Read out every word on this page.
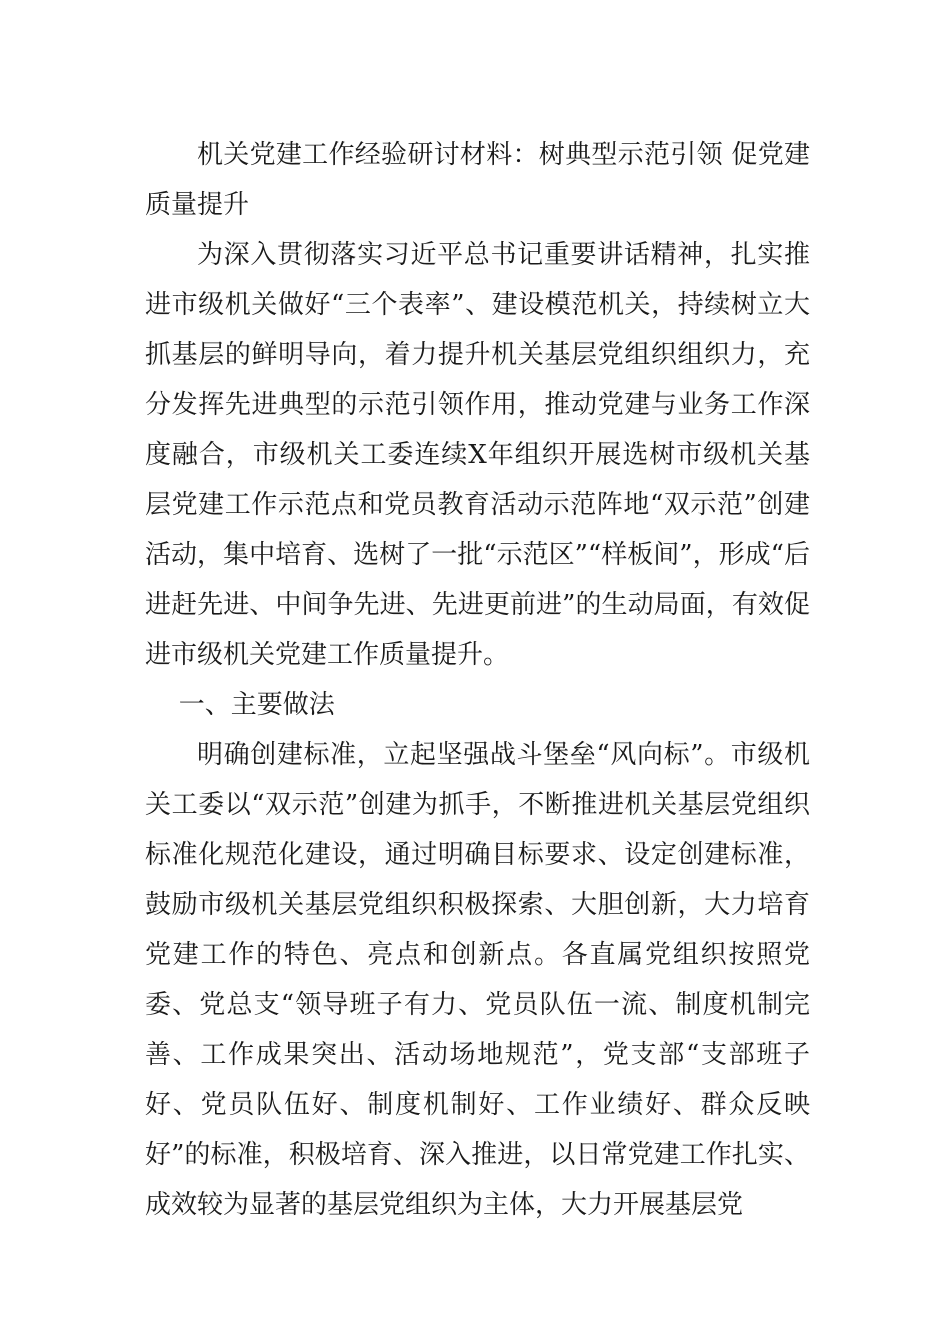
机关党建工作经验研讨材料：树典型示范引领 促党建质量提升

为深入贯彻落实习近平总书记重要讲话精神，扎实推进市级机关做好“三个表率”、建设模范机关，持续树立大抓基层的鲜明导向，着力提升机关基层党组织组织力，充分发挥先进典型的示范引领作用，推动党建与业务工作深度融合，市级机关工委连续X年组织开展选树市级机关基层党建工作示范点和党员教育活动示范阵地“双示范”创建活动，集中培育、选树了一批“示范区”“样板间”，形成“后进赶先进、中间争先进、先进更前进”的生动局面，有效促进市级机关党建工作质量提升。

一、主要做法

明确创建标准，立起坚强战斗堡垒“风向标”。市级机关工委以“双示范”创建为抓手，不断推进机关基层党组织标准化规范化建设，通过明确目标要求、设定创建标准，鼓励市级机关基层党组织积极探索、大胆创新，大力培育党建工作的特色、亮点和创新点。各直属党组织按照党委、党总支“领导班子有力、党员队伍一流、制度机制完善、工作成果突出、活动场地规范”，党支部“支部班子好、党员队伍好、制度机制好、工作业绩好、群众反映好”的标准，积极培育、深入推进，以日常党建工作扎实、成效较为显著的基层党组织为主体，大力开展基层党
